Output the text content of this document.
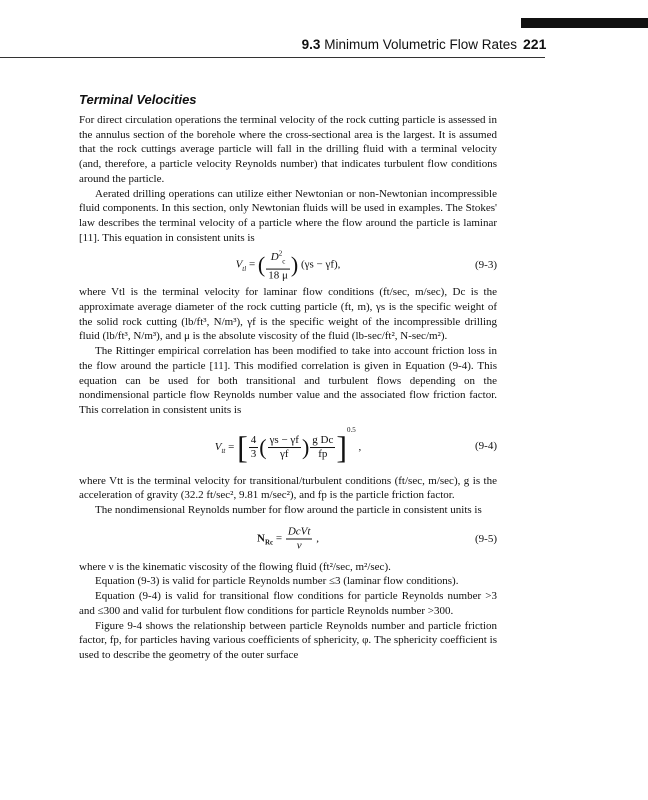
9.3 Minimum Volumetric Flow Rates 221
Terminal Velocities

For direct circulation operations the terminal velocity of the rock cutting particle is assessed in the annulus section of the borehole where the cross-sectional area is the largest. It is assumed that the rock cuttings average particle will fall in the drilling fluid with a terminal velocity (and, therefore, a particle velocity Reynolds number) that indicates turbulent flow conditions around the particle.

Aerated drilling operations can utilize either Newtonian or non-Newtonian incompressible fluid components. In this section, only Newtonian fluids will be used in examples. The Stokes' law describes the terminal velocity of a particle where the flow around the particle is laminar [11]. This equation in consistent units is

$V_{tl}$ = ( $\frac{D^2_c}{18 \mu}$ ) (γs − γf),	(9-3)

where Vtl is the terminal velocity for laminar flow conditions (ft/sec, m/sec), Dc is the approximate average diameter of the rock cutting particle (ft, m), γs is the specific weight of the solid rock cutting (lb/ft³, N/m³), γf is the specific weight of the incompressible drilling fluid (lb/ft³, N/m³), and μ is the absolute viscosity of the fluid (lb-sec/ft², N-sec/m²).

The Rittinger empirical correlation has been modified to take into account friction loss in the flow around the particle [11]. This modified correlation is given in Equation (9-4). This equation can be used for both transitional and turbulent flows depending on the nondimensional particle flow Reynolds number value and the associated flow friction factor. This correlation in consistent units is

$V_{tt}$ = [ $\frac{4}{3}$ ( $\frac{\gamma s - \gamma f}{\gamma f}$ ) $\frac{\text{g Dc}}{fp} ]^{0.5}$ ,	(9-4)

where Vtt is the terminal velocity for transitional/turbulent conditions (ft/sec, m/sec), g is the acceleration of gravity (32.2 ft/sec², 9.81 m/sec²), and fp is the particle friction factor.

The nondimensional Reynolds number for flow around the particle in consistent units is

$N_{Rc} = \frac{\text{DcVt}}{v}$ ,	(9-5)

where ν is the kinematic viscosity of the flowing fluid (ft²/sec, m²/sec).

Equation (9-3) is valid for particle Reynolds number ≤3 (laminar flow conditions).

Equation (9-4) is valid for transitional flow conditions for particle Reynolds number >3 and ≤300 and valid for turbulent flow conditions for particle Reynolds number >300.

Figure 9-4 shows the relationship between particle Reynolds number and particle friction factor, fp, for particles having various coefficients of sphericity, φ. The sphericity coefficient is used to describe the geometry of the outer surface
